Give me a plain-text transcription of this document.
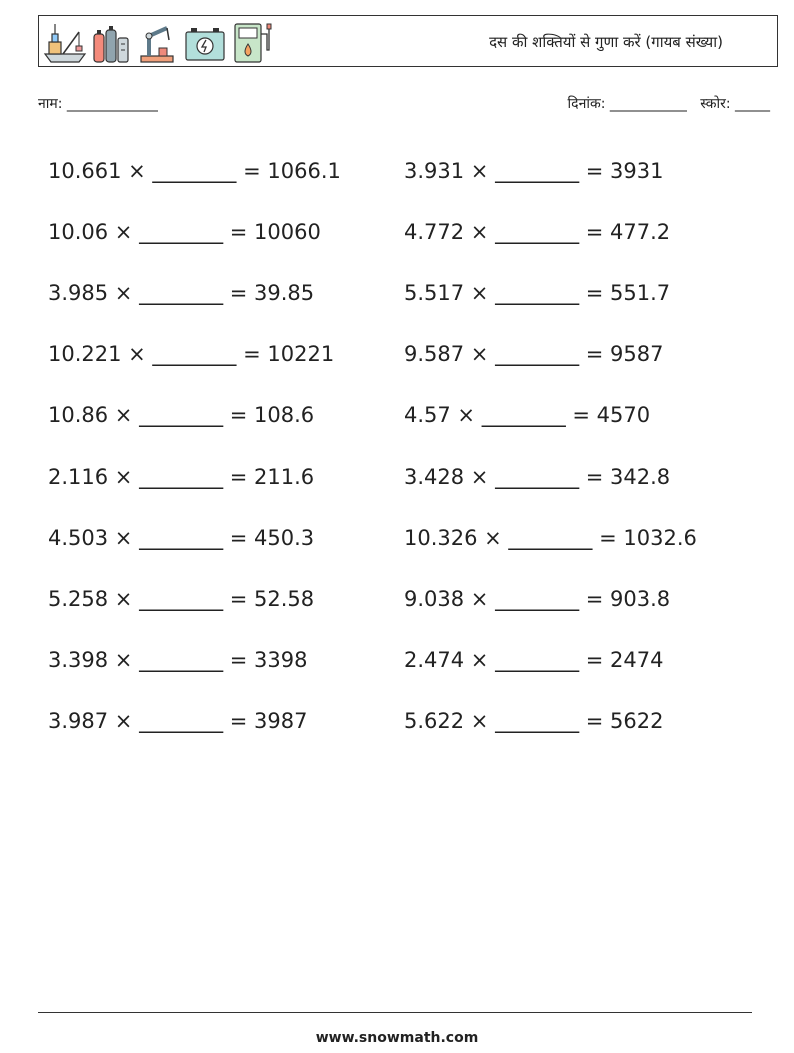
दस की शक्तियों से गुणा करें (गायब संख्या)
नाम: _____________	दिनांक: ___________ स्कोर: _____
10.661 × ________ = 1066.1	3.931 × ________ = 3931
10.06 × ________ = 10060	4.772 × ________ = 477.2
3.985 × ________ = 39.85	5.517 × ________ = 551.7
10.221 × ________ = 10221	9.587 × ________ = 9587
10.86 × ________ = 108.6	4.57 × ________ = 4570
2.116 × ________ = 211.6	3.428 × ________ = 342.8
4.503 × ________ = 450.3	10.326 × ________ = 1032.6
5.258 × ________ = 52.58	9.038 × ________ = 903.8
3.398 × ________ = 3398	2.474 × ________ = 2474
3.987 × ________ = 3987	5.622 × ________ = 5622
www.snowmath.com
